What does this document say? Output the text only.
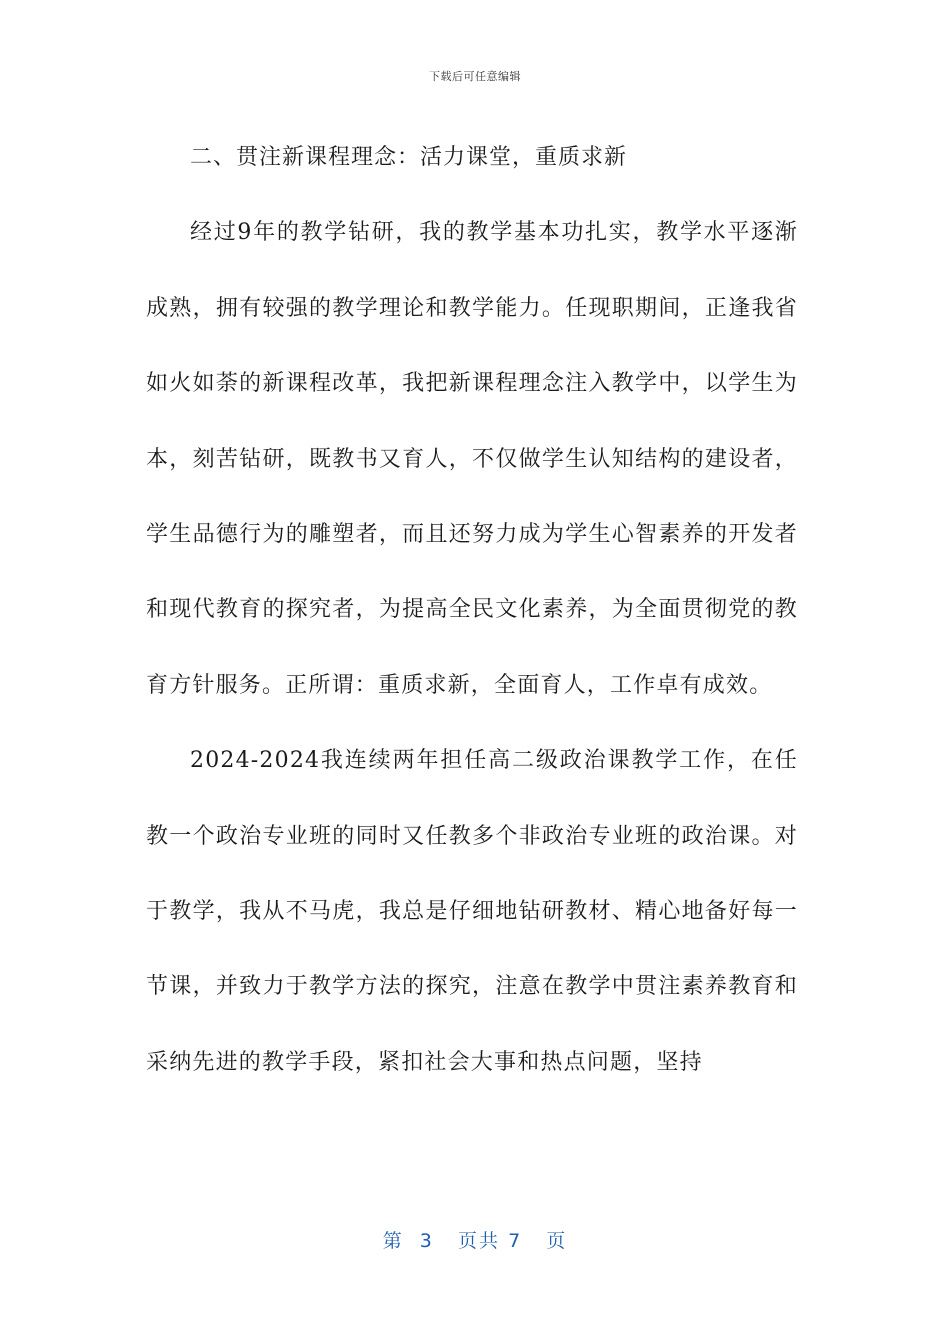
下载后可任意编辑

二、贯注新课程理念：活力课堂，重质求新

经过9年的教学钻研，我的教学基本功扎实，教学水平逐渐成熟，拥有较强的教学理论和教学能力。任现职期间，正逢我省如火如荼的新课程改革，我把新课程理念注入教学中，以学生为本，刻苦钻研，既教书又育人，不仅做学生认知结构的建设者，学生品德行为的雕塑者，而且还努力成为学生心智素养的开发者和现代教育的探究者，为提高全民文化素养，为全面贯彻党的教育方针服务。正所谓：重质求新，全面育人，工作卓有成效。

2024-2024我连续两年担任高二级政治课教学工作，在任教一个政治专业班的同时又任教多个非政治专业班的政治课。对于教学，我从不马虎，我总是仔细地钻研教材、精心地备好每一节课，并致力于教学方法的探究，注意在教学中贯注素养教育和采纳先进的教学手段，紧扣社会大事和热点问题，坚持

第 3 页共 7 页
